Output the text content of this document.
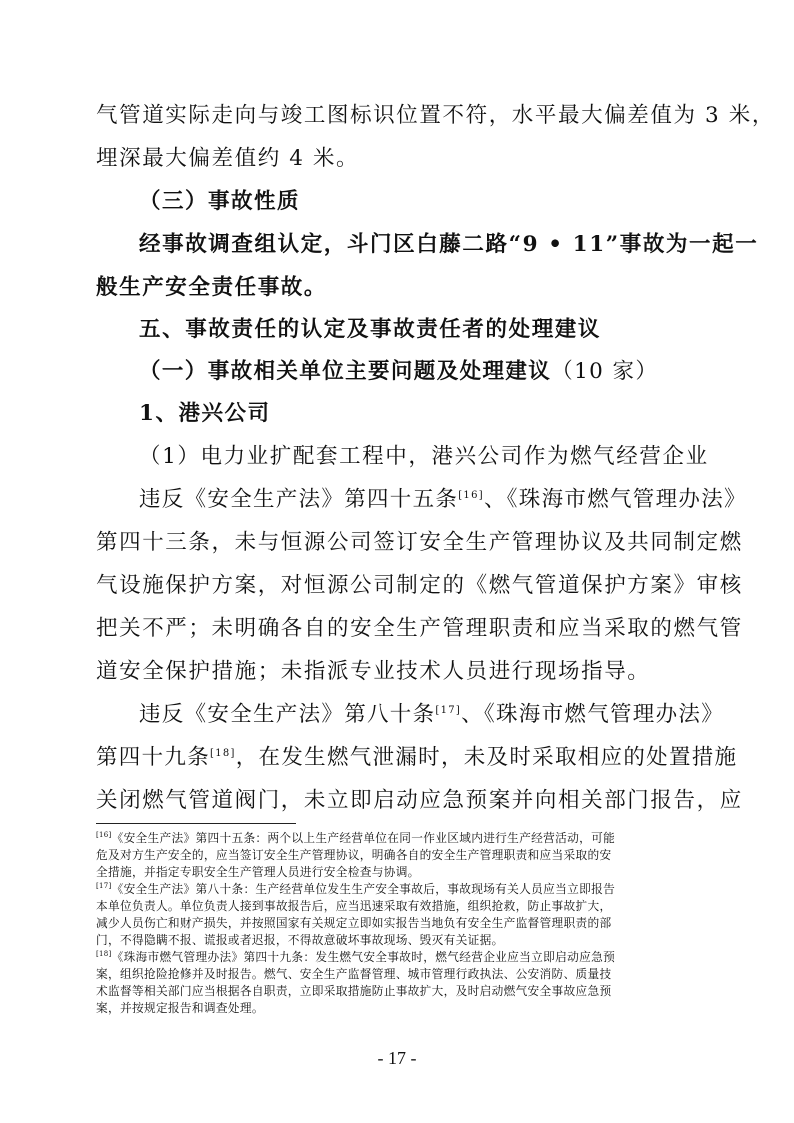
气管道实际走向与竣工图标识位置不符，水平最大偏差值为 3 米，
埋深最大偏差值约 4 米。
（三）事故性质
经事故调查组认定，斗门区白藤二路“9 • 11”事故为一起一
般生产安全责任事故。
五、事故责任的认定及事故责任者的处理建议
（一）事故相关单位主要问题及处理建议（10 家）
1、港兴公司
（1）电力业扩配套工程中，港兴公司作为燃气经营企业
违反《安全生产法》第四十五条[16]、《珠海市燃气管理办法》
第四十三条，未与恒源公司签订安全生产管理协议及共同制定燃
气设施保护方案，对恒源公司制定的《燃气管道保护方案》审核
把关不严；未明确各自的安全生产管理职责和应当采取的燃气管
道安全保护措施；未指派专业技术人员进行现场指导。
违反《安全生产法》第八十条[17]、《珠海市燃气管理办法》
第四十九条[18]，在发生燃气泄漏时，未及时采取相应的处置措施
关闭燃气管道阀门，未立即启动应急预案并向相关部门报告，应
[16]《安全生产法》第四十五条：两个以上生产经营单位在同一作业区域内进行生产经营活动，可能
危及对方生产安全的，应当签订安全生产管理协议，明确各自的安全生产管理职责和应当采取的安
全措施，并指定专职安全生产管理人员进行安全检查与协调。
[17]《安全生产法》第八十条：生产经营单位发生生产安全事故后，事故现场有关人员应当立即报告
本单位负责人。单位负责人接到事故报告后，应当迅速采取有效措施，组织抢救，防止事故扩大，
减少人员伤亡和财产损失，并按照国家有关规定立即如实报告当地负有安全生产监督管理职责的部
门，不得隐瞒不报、谎报或者迟报，不得故意破坏事故现场、毁灭有关证据。
[18]《珠海市燃气管理办法》第四十九条：发生燃气安全事故时，燃气经营企业应当立即启动应急预
案，组织抢险抢修并及时报告。燃气、安全生产监督管理、城市管理行政执法、公安消防、质量技
术监督等相关部门应当根据各自职责，立即采取措施防止事故扩大，及时启动燃气安全事故应急预
案，并按规定报告和调查处理。
- 17 -
